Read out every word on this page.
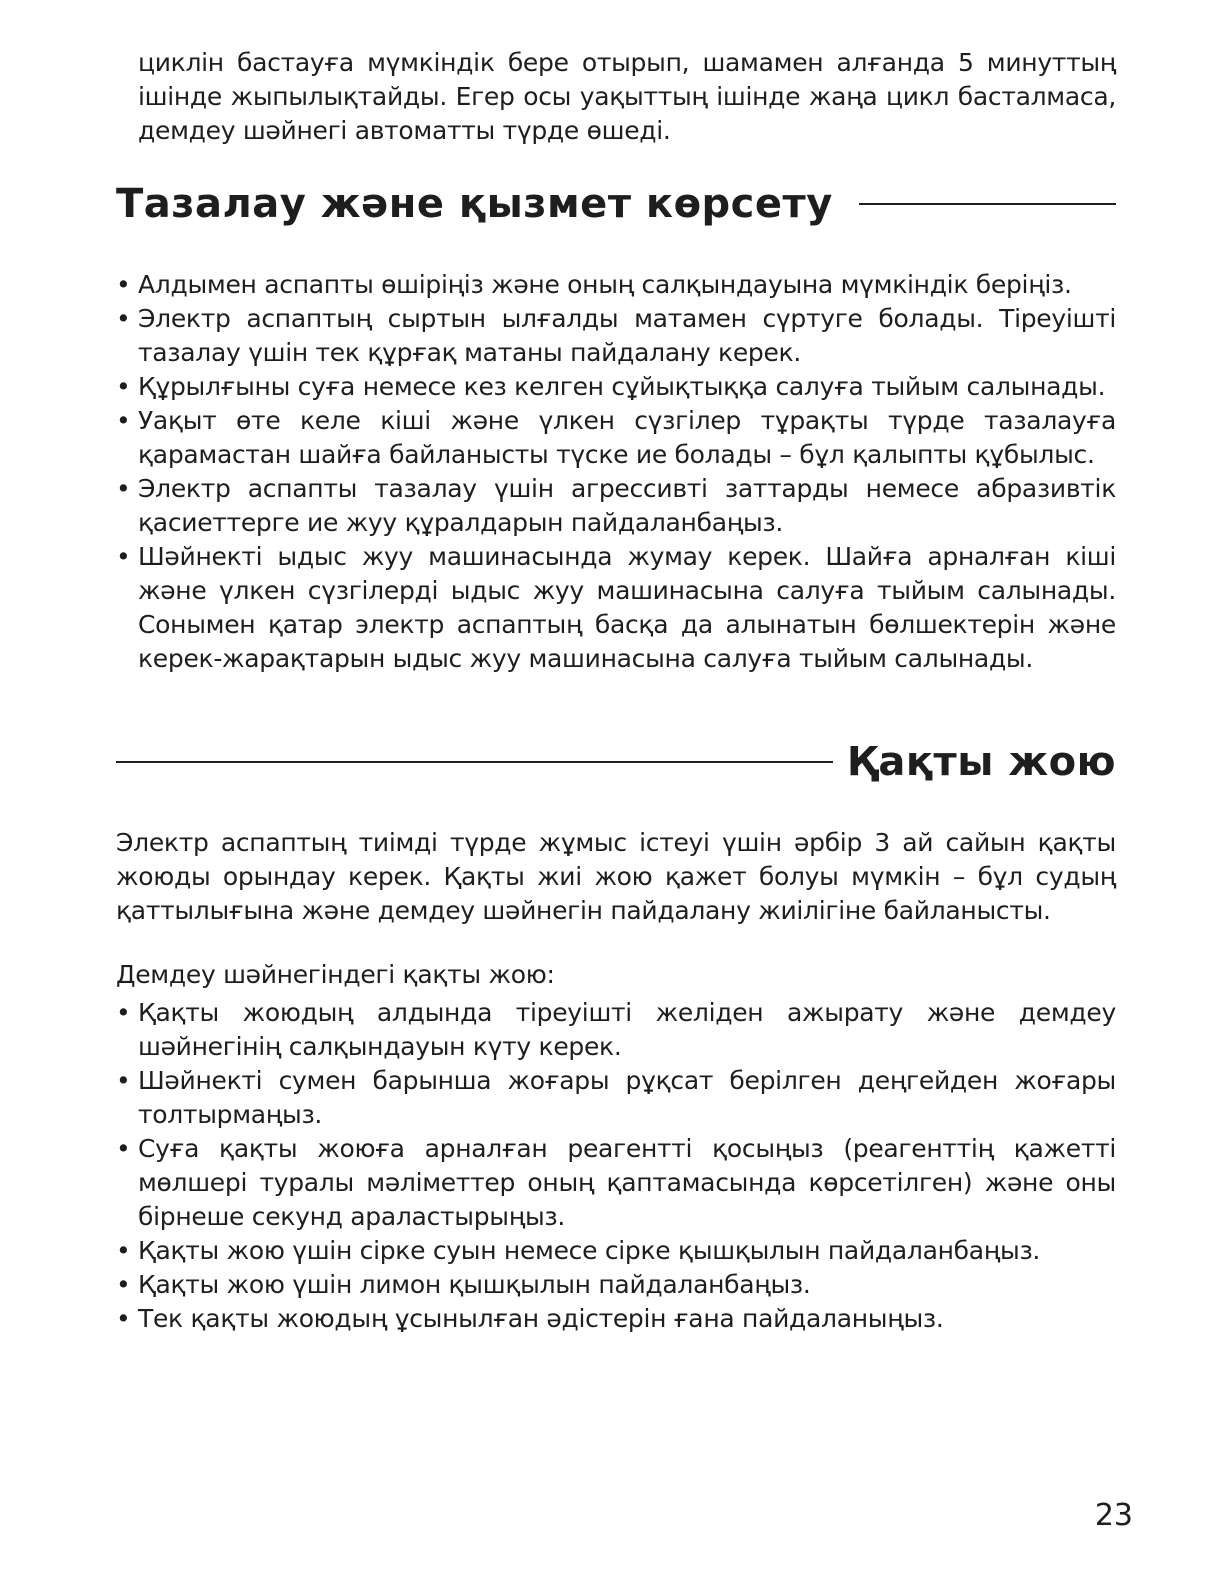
циклін бастауға мүмкіндік бере отырып, шамамен алғанда 5 минуттың ішінде жыпылықтайды. Егер осы уақыттың ішінде жаңа цикл басталмаса, демдеу шәйнегі автоматты түрде өшеді.

Тазалау және қызмет көрсету
• Алдымен аспапты өшіріңіз және оның салқындауына мүмкіндік беріңіз.
• Электр аспаптың сыртын ылғалды матамен сүртуге болады. Тіреуішті тазалау үшін тек құрғақ матаны пайдалану керек.
• Құрылғыны суға немесе кез келген сұйықтыққа салуға тыйым салынады.
• Уақыт өте келе кіші және үлкен сүзгілер тұрақты түрде тазалауға қарамастан шайға байланысты түске ие болады – бұл қалыпты құбылыс.
• Электр аспапты тазалау үшін агрессивті заттарды немесе абразивтік қасиеттерге ие жуу құралдарын пайдаланбаңыз.
• Шәйнекті ыдыс жуу машинасында жумау керек. Шайға арналған кіші және үлкен сүзгілерді ыдыс жуу машинасына салуға тыйым салынады. Сонымен қатар электр аспаптың басқа да алынатын бөлшектерін және керек-жарақтарын ыдыс жуу машинасына салуға тыйым салынады.
Қақты жою

Электр аспаптың тиімді түрде жұмыс істеуі үшін әрбір 3 ай сайын қақты жоюды орындау керек. Қақты жиі жою қажет болуы мүмкін – бұл судың қаттылығына және демдеу шәйнегін пайдалану жиілігіне байланысты.

Демдеу шәйнегіндегі қақты жою:

• Қақты жоюдың алдында тіреуішті желіден ажырату және демдеу шәйнегінің салқындауын күту керек.
• Шәйнекті сумен барынша жоғары рұқсат берілген деңгейден жоғары толтырмаңыз.
• Суға қақты жоюға арналған реагентті қосыңыз (реагенттің қажетті мөлшері туралы мәліметтер оның қаптамасында көрсетілген) және оны бірнеше секунд араластырыңыз.
• Қақты жою үшін сірке суын немесе сірке қышқылын пайдаланбаңыз.
• Қақты жою үшін лимон қышқылын пайдаланбаңыз.
• Тек қақты жоюдың ұсынылған әдістерін ғана пайдаланыңыз.
23
